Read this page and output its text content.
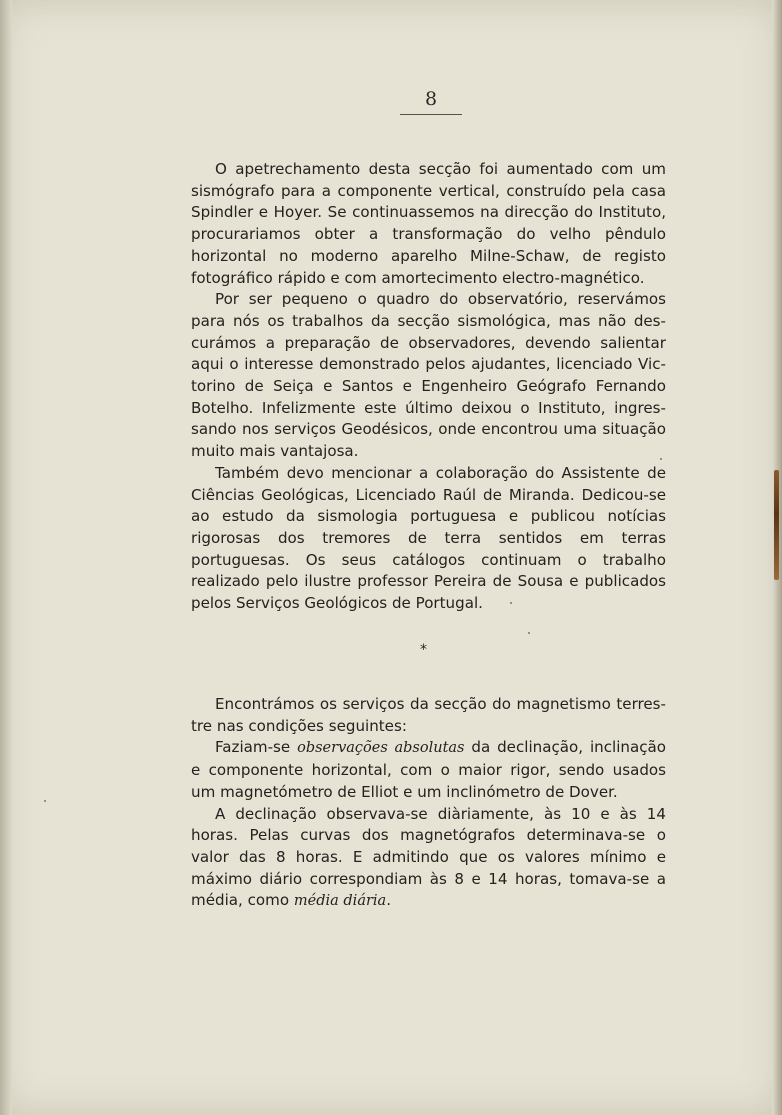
8

O apetrechamento desta secção foi aumentado com um sismógrafo para a componente vertical, construído pela casa Spindler e Hoyer. Se continuassemos na direcção do Instituto, procurariamos obter a transformação do velho pêndulo horizontal no moderno aparelho Milne-Schaw, de registo fotográfico rápido e com amortecimento electro-magnético.

Por ser pequeno o quadro do observatório, reservámos para nós os trabalhos da secção sismológica, mas não descurámos a preparação de observadores, devendo salientar aqui o interesse demonstrado pelos ajudantes, licenciado Victorino de Seiça e Santos e Engenheiro Geógrafo Fernando Botelho. Infelizmente este último deixou o Instituto, ingressando nos serviços Geodésicos, onde encontrou uma situação muito mais vantajosa.

Também devo mencionar a colaboração do Assistente de Ciências Geológicas, Licenciado Raúl de Miranda. Dedicou-se ao estudo da sismologia portuguesa e publicou notícias rigorosas dos tremores de terra sentidos em terras portuguesas. Os seus catálogos continuam o trabalho realizado pelo ilustre professor Pereira de Sousa e publicados pelos Serviços Geológicos de Portugal.

*

Encontrámos os serviços da secção do magnetismo terrestre nas condições seguintes:

Faziam-se observações absolutas da declinação, inclinação e componente horizontal, com o maior rigor, sendo usados um magnetómetro de Elliot e um inclinómetro de Dover.

A declinação observava-se diàriamente, às 10 e às 14 horas. Pelas curvas dos magnetógrafos determinava-se o valor das 8 horas. E admitindo que os valores mínimo e máximo diário correspondiam às 8 e 14 horas, tomava-se a média, como média diária.
